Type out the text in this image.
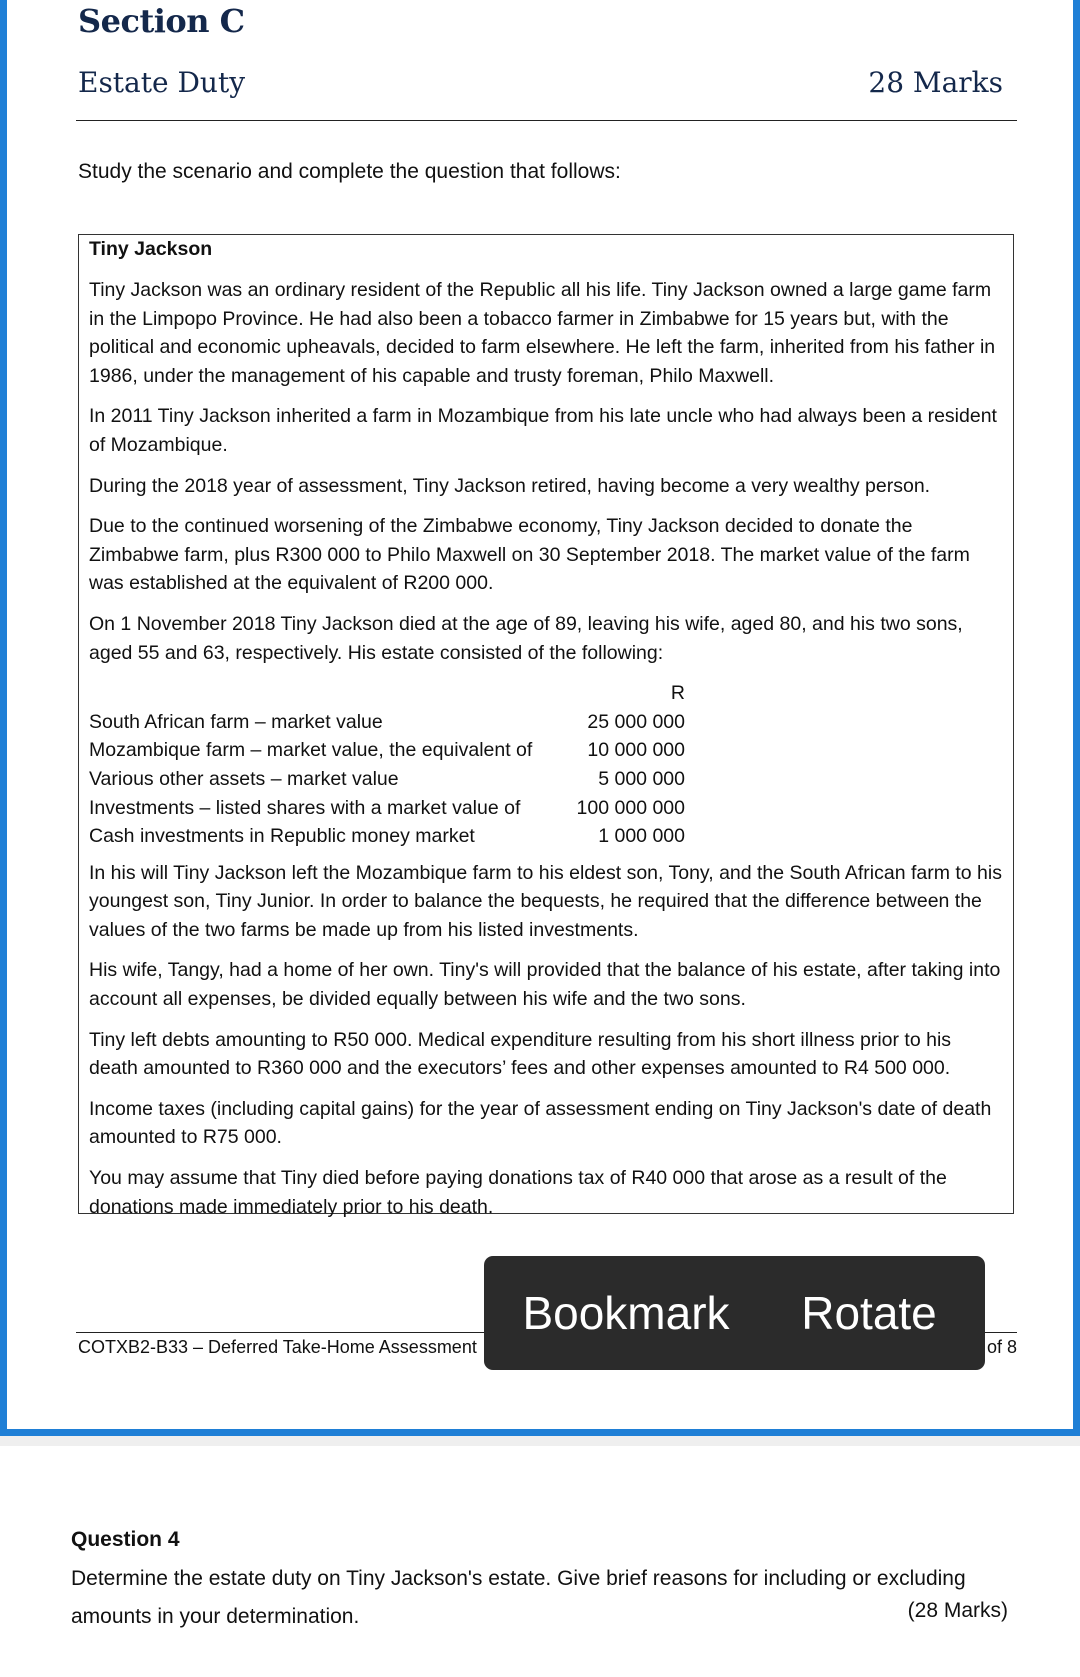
Section C
Estate Duty	28 Marks
Study the scenario and complete the question that follows:
Tiny Jackson

Tiny Jackson was an ordinary resident of the Republic all his life. Tiny Jackson owned a large game farm in the Limpopo Province. He had also been a tobacco farmer in Zimbabwe for 15 years but, with the political and economic upheavals, decided to farm elsewhere. He left the farm, inherited from his father in 1986, under the management of his capable and trusty foreman, Philo Maxwell.

In 2011 Tiny Jackson inherited a farm in Mozambique from his late uncle who had always been a resident of Mozambique.

During the 2018 year of assessment, Tiny Jackson retired, having become a very wealthy person.

Due to the continued worsening of the Zimbabwe economy, Tiny Jackson decided to donate the Zimbabwe farm, plus R300 000 to Philo Maxwell on 30 September 2018. The market value of the farm was established at the equivalent of R200 000.

On 1 November 2018 Tiny Jackson died at the age of 89, leaving his wife, aged 80, and his two sons, aged 55 and 63, respectively. His estate consisted of the following:

R
South African farm – market value	25 000 000
Mozambique farm – market value, the equivalent of	10 000 000
Various other assets – market value	5 000 000
Investments – listed shares with a market value of	100 000 000
Cash investments in Republic money market	1 000 000

In his will Tiny Jackson left the Mozambique farm to his eldest son, Tony, and the South African farm to his youngest son, Tiny Junior. In order to balance the bequests, he required that the difference between the values of the two farms be made up from his listed investments.

His wife, Tangy, had a home of her own. Tiny's will provided that the balance of his estate, after taking into account all expenses, be divided equally between his wife and the two sons.

Tiny left debts amounting to R50 000. Medical expenditure resulting from his short illness prior to his death amounted to R360 000 and the executors’ fees and other expenses amounted to R4 500 000.

Income taxes (including capital gains) for the year of assessment ending on Tiny Jackson's date of death amounted to R75 000.

You may assume that Tiny died before paying donations tax of R40 000 that arose as a result of the donations made immediately prior to his death.

COTXB2-B33 – Deferred Take-Home Assessment	of 8
Bookmark Rotate
Question 4
Determine the estate duty on Tiny Jackson's estate. Give brief reasons for including or excluding amounts in your determination.	(28 Marks)
